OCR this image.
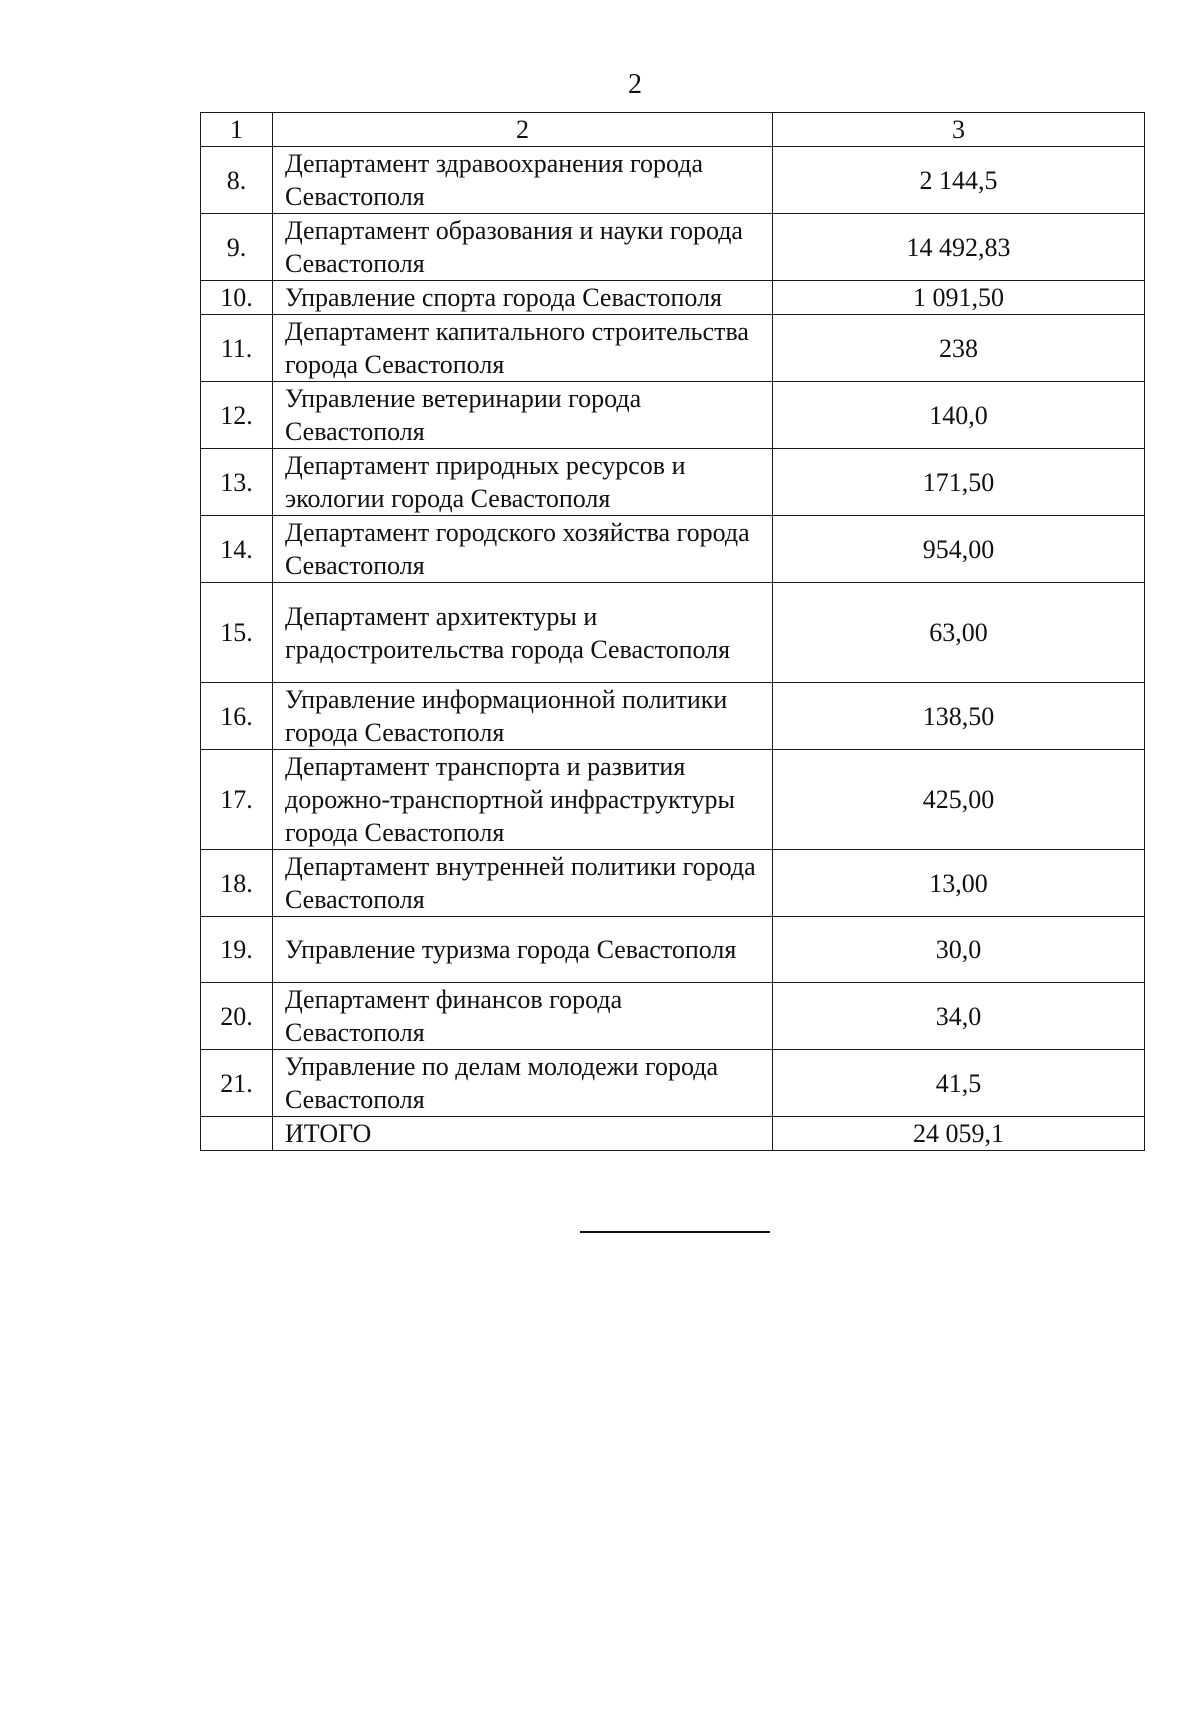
2
1	2	3
8.	Департамент здравоохранения города Севастополя	2 144,5
9.	Департамент образования и науки города Севастополя	14 492,83
10.	Управление спорта города Севастополя	1 091,50
11.	Департамент капитального строительства города Севастополя	238
12.	Управление ветеринарии города Севастополя	140,0
13.	Департамент природных ресурсов и экологии города Севастополя	171,50
14.	Департамент городского хозяйства города Севастополя	954,00
15.	Департамент архитектуры и градостроительства города Севастополя	63,00
16.	Управление информационной политики города Севастополя	138,50
17.	Департамент транспорта и развития дорожно-транспортной инфраструктуры города Севастополя	425,00
18.	Департамент внутренней политики города Севастополя	13,00
19.	Управление туризма города Севастополя	30,0
20.	Департамент финансов города Севастополя	34,0
21.	Управление по делам молодежи города Севастополя	41,5
	ИТОГО	24 059,1
